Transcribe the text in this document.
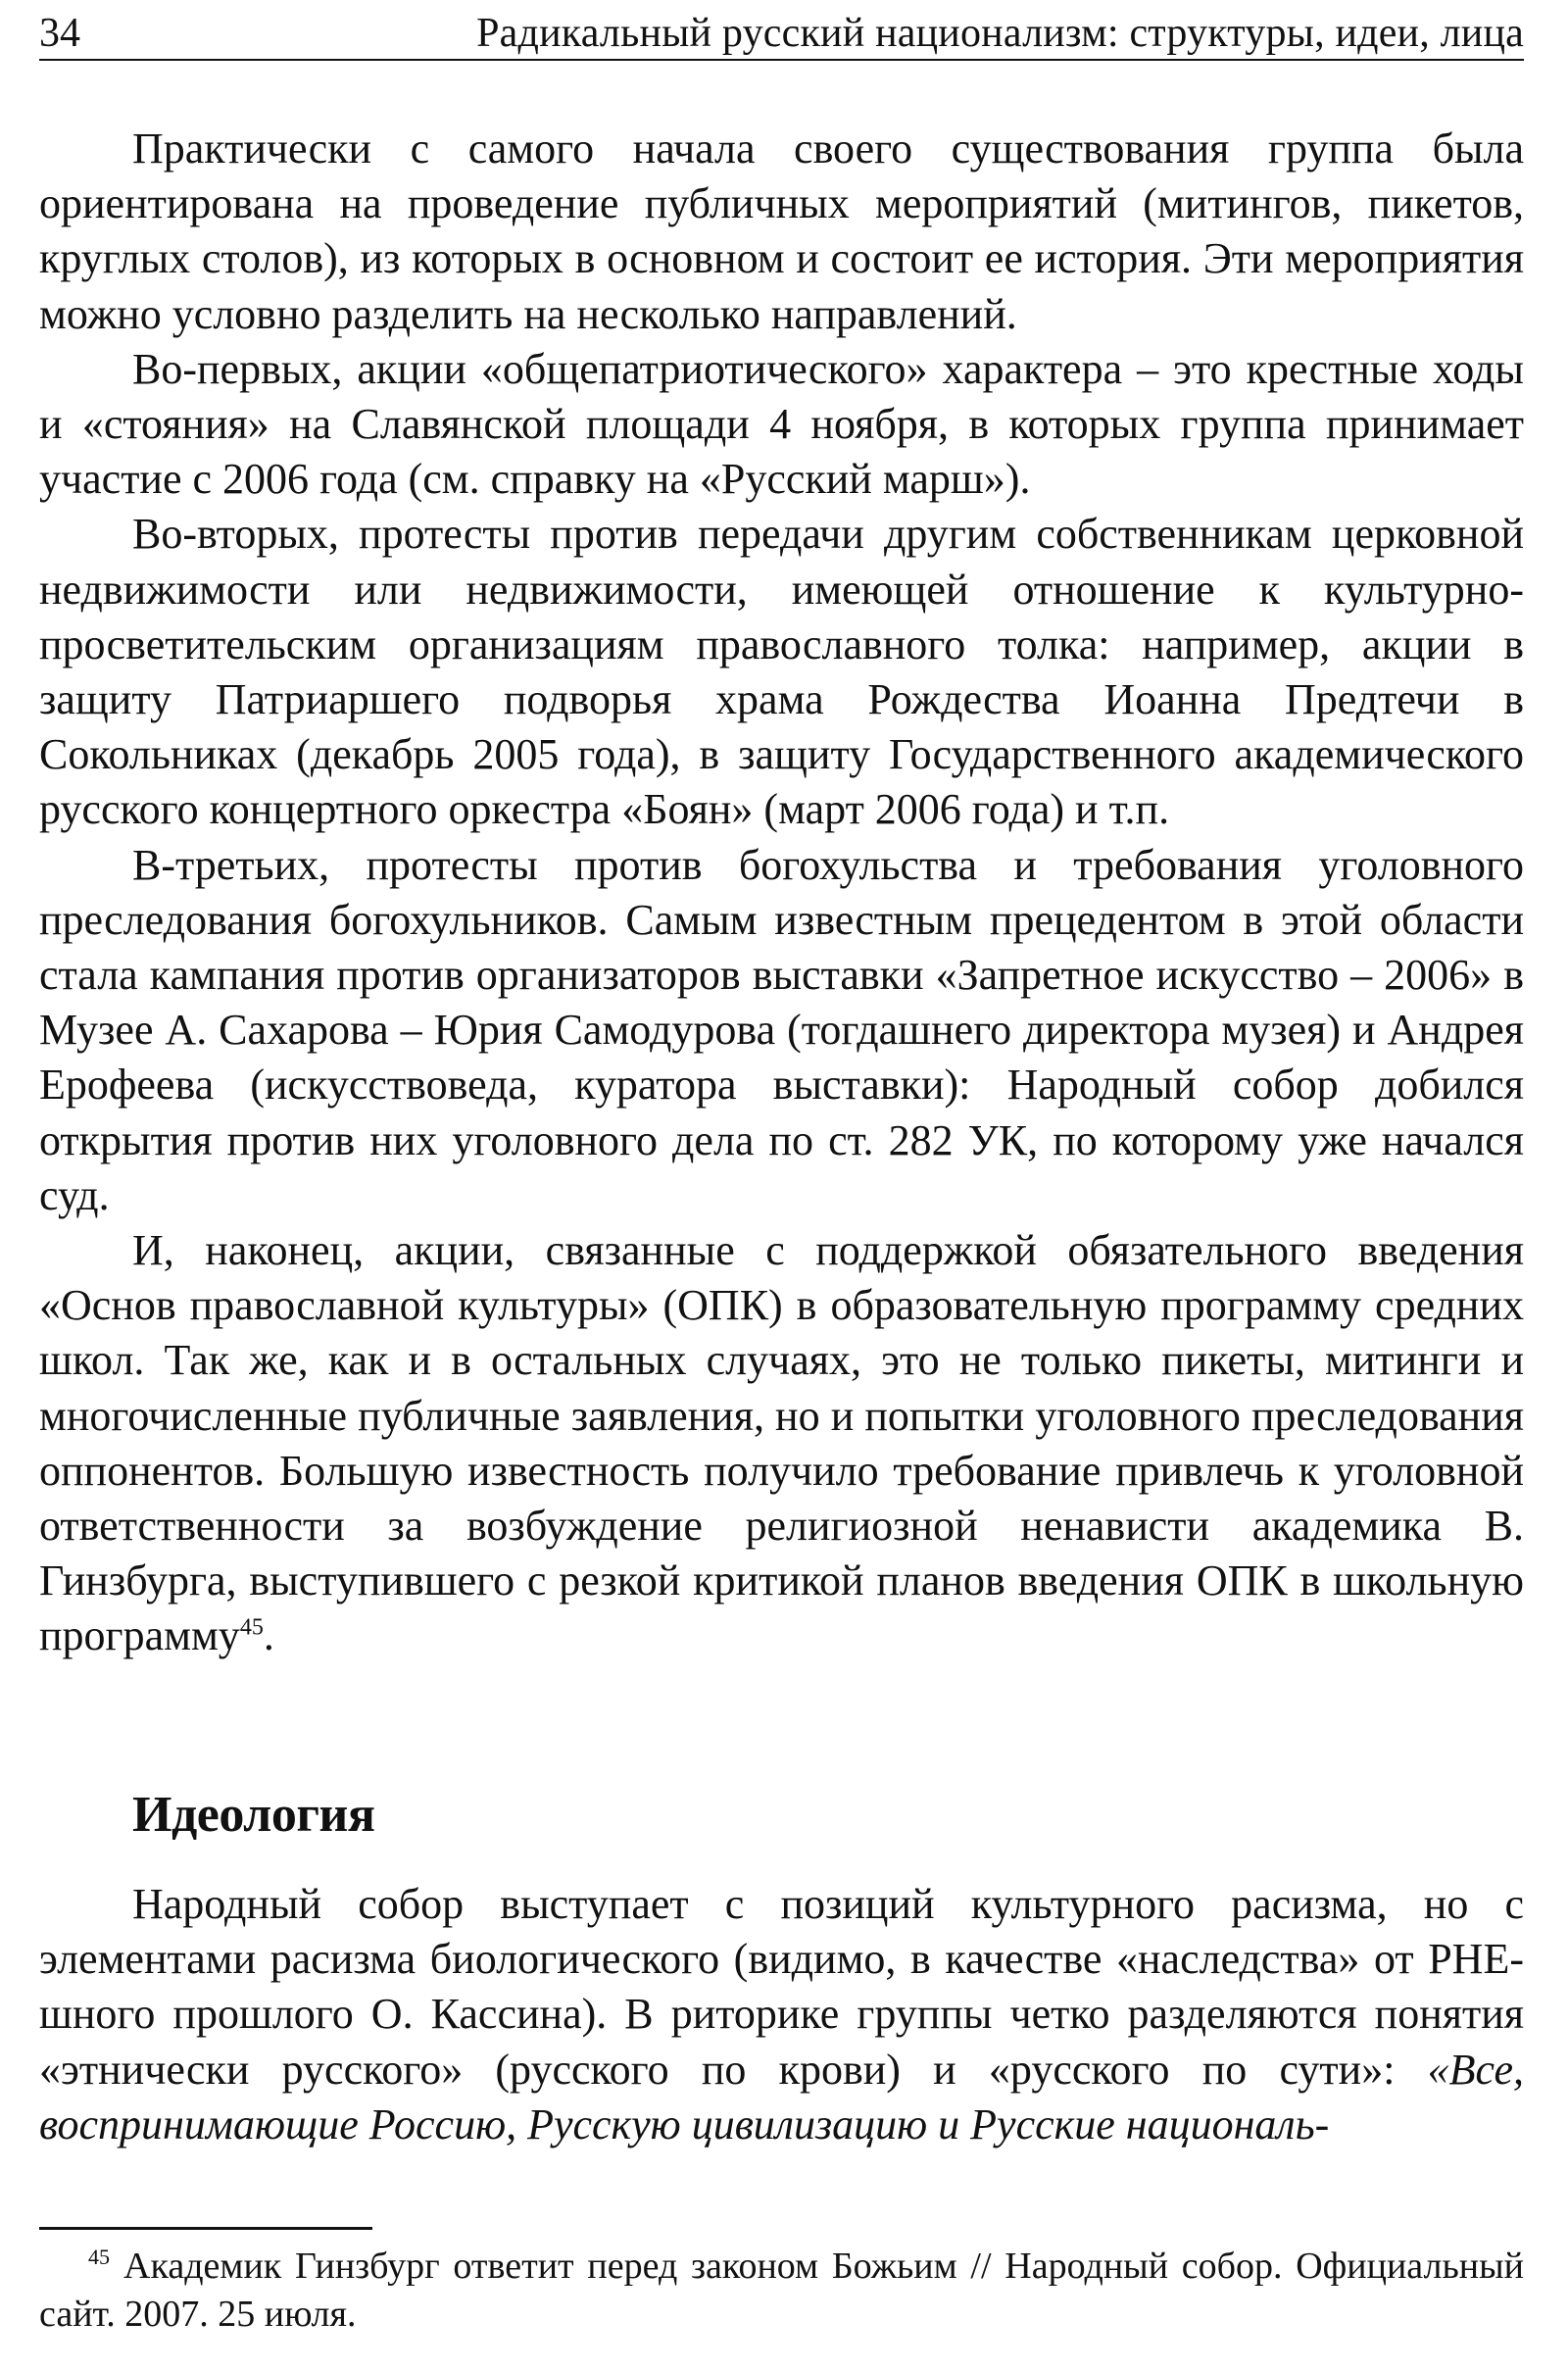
34	Радикальный русский национализм: структуры, идеи, лица

Практически с самого начала своего существования группа была ориентирована на проведение публичных мероприятий (митингов, пикетов, круглых столов), из которых в основном и состоит ее история. Эти мероприятия можно условно разделить на несколько направлений.

Во-первых, акции «общепатриотического» характера – это крестные ходы и «стояния» на Славянской площади 4 ноября, в которых группа принимает участие с 2006 года (см. справку на «Русский марш»).

Во-вторых, протесты против передачи другим собственникам церковной недвижимости или недвижимости, имеющей отношение к культурно-просветительским организациям православного толка: например, акции в защиту Патриаршего подворья храма Рождества Иоанна Предтечи в Сокольниках (декабрь 2005 года), в защиту Государственного академического русского концертного оркестра «Боян» (март 2006 года) и т.п.

В-третьих, протесты против богохульства и требования уголовного преследования богохульников. Самым известным прецедентом в этой области стала кампания против организаторов выставки «Запретное искусство – 2006» в Музее А. Сахарова – Юрия Самодурова (тогдашнего директора музея) и Андрея Ерофеева (искусствоведа, куратора выставки): Народный собор добился открытия против них уголовного дела по ст. 282 УК, по которому уже начался суд.

И, наконец, акции, связанные с поддержкой обязательного введения «Основ православной культуры» (ОПК) в образовательную программу средних школ. Так же, как и в остальных случаях, это не только пикеты, митинги и многочисленные публичные заявления, но и попытки уголовного преследования оппонентов. Большую известность получило требование привлечь к уголовной ответственности за возбуждение религиозной ненависти академика В. Гинзбурга, выступившего с резкой критикой планов введения ОПК в школьную программу$^{45}$.

Идеология

Народный собор выступает с позиций культурного расизма, но с элементами расизма биологического (видимо, в качестве «наследства» от РНЕ-шного прошлого О. Кассина). В риторике группы четко разделяются понятия «этнически русского» (русского по крови) и «русского по сути»: «Все, воспринимающие Россию, Русскую цивилизацию и Русские националь-

$^{45}$ Академик Гинзбург ответит перед законом Божьим // Народный собор. Официальный сайт. 2007. 25 июля.
